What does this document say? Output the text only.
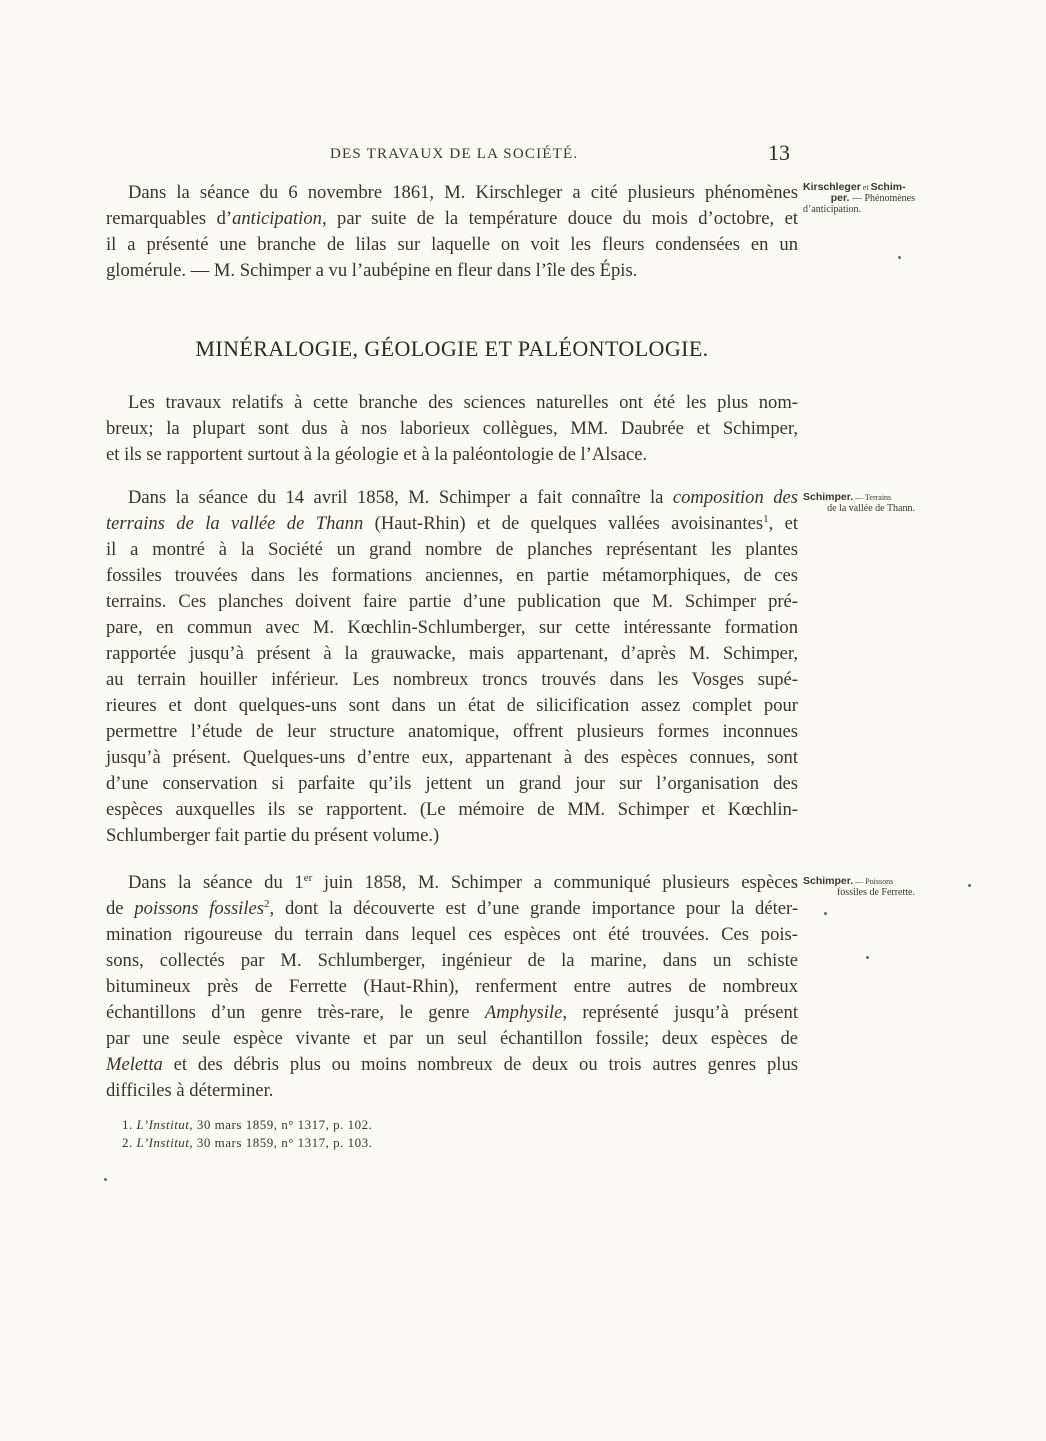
DES TRAVAUX DE LA SOCIÉTÉ.	13
Dans la séance du 6 novembre 1861, M. Kirschleger a cité plusieurs phénomènes
remarquables d’anticipation, par suite de la température douce du mois d’octobre, et
il a présenté une branche de lilas sur laquelle on voit les fleurs condensées en un
glomérule. — M. Schimper a vu l’aubépine en fleur dans l’île des Épis.
Kirschleger et Schim-

per. — Phénomènes
d’anticipation.
MINÉRALOGIE, GÉOLOGIE ET PALÉONTOLOGIE.
Les travaux relatifs à cette branche des sciences naturelles ont été les plus nom-
breux; la plupart sont dus à nos laborieux collègues, MM. Daubrée et Schimper,
et ils se rapportent surtout à la géologie et à la paléontologie de l’Alsace.
Dans la séance du 14 avril 1858, M. Schimper a fait connaître la composition des
terrains de la vallée de Thann (Haut-Rhin) et de quelques vallées avoisinantes$^1$, et
il a montré à la Société un grand nombre de planches représentant les plantes
fossiles trouvées dans les formations anciennes, en partie métamorphiques, de ces
terrains. Ces planches doivent faire partie d’une publication que M. Schimper pré-
pare, en commun avec M. Kœchlin-Schlumberger, sur cette intéressante formation
rapportée jusqu’à présent à la grauwacke, mais appartenant, d’après M. Schimper,
au terrain houiller inférieur. Les nombreux troncs trouvés dans les Vosges supé-
rieures et dont quelques-uns sont dans un état de silicification assez complet pour
permettre l’étude de leur structure anatomique, offrent plusieurs formes inconnues
jusqu’à présent. Quelques-uns d’entre eux, appartenant à des espèces connues, sont
d’une conservation si parfaite qu’ils jettent un grand jour sur l’organisation des
espèces auxquelles ils se rapportent. (Le mémoire de MM. Schimper et Kœchlin-
Schlumberger fait partie du présent volume.)
Schimper. — Terrains
de la vallée de Thann.
Dans la séance du 1er juin 1858, M. Schimper a communiqué plusieurs espèces
de poissons fossiles$^2$, dont la découverte est d’une grande importance pour la déter-
mination rigoureuse du terrain dans lequel ces espèces ont été trouvées. Ces pois-
sons, collectés par M. Schlumberger, ingénieur de la marine, dans un schiste
bitumineux près de Ferrette (Haut-Rhin), renferment entre autres de nombreux
échantillons d’un genre très-rare, le genre Amphysile, représenté jusqu’à présent
par une seule espèce vivante et par un seul échantillon fossile; deux espèces de
Meletta et des débris plus ou moins nombreux de deux ou trois autres genres plus
difficiles à déterminer.
Schimper. — Poissons
fossiles de Ferrette.
1. L’Institut, 30 mars 1859, n° 1317, p. 102.
2. L’Institut, 30 mars 1859, n° 1317, p. 103.
